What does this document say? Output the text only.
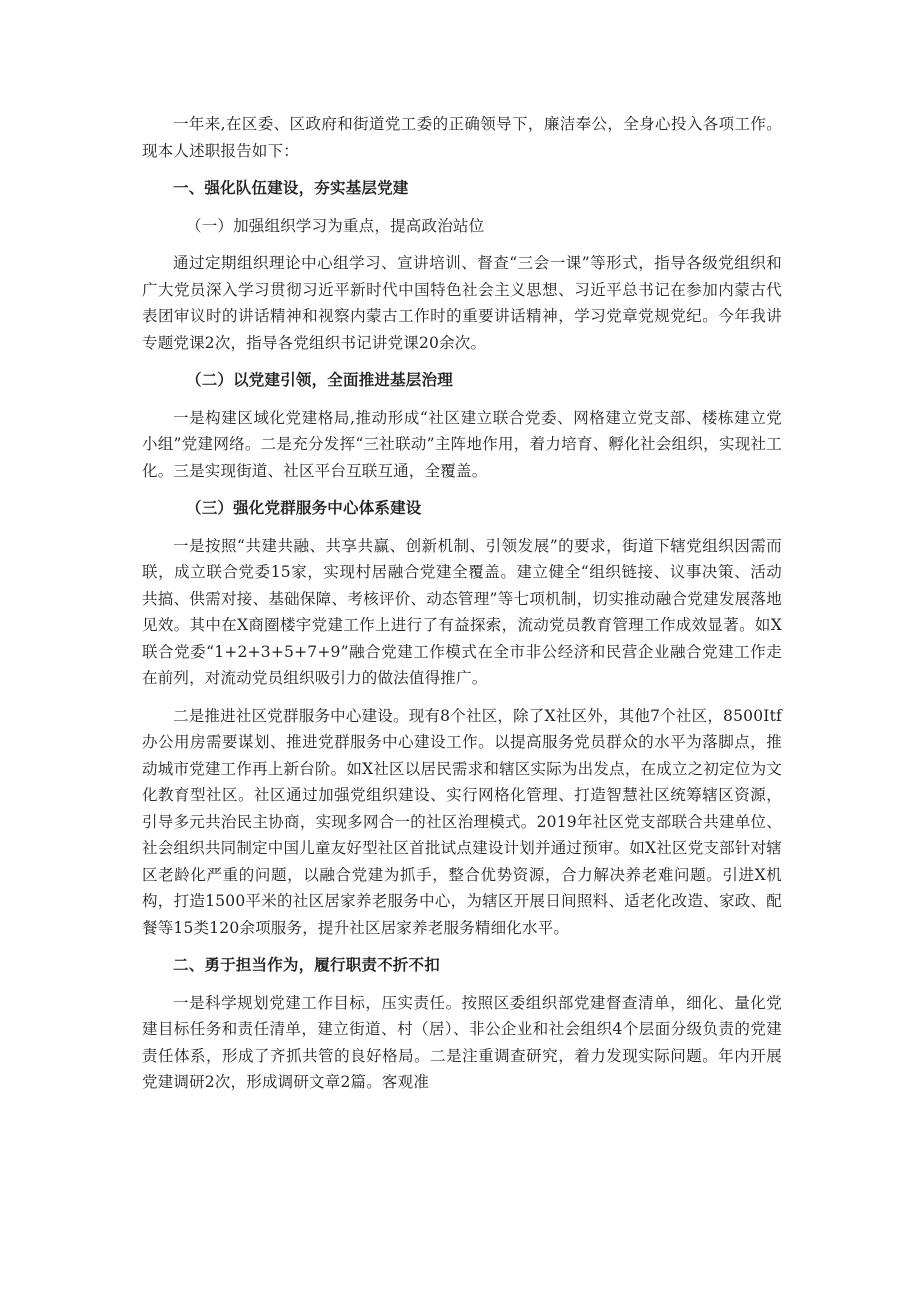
一年来,在区委、区政府和街道党工委的正确领导下，廉洁奉公，全身心投入各项工作。现本人述职报告如下：

一、强化队伍建设，夯实基层党建
（一）加强组织学习为重点，提高政治站位

通过定期组织理论中心组学习、宣讲培训、督查“三会一课”等形式，指导各级党组织和广大党员深入学习贯彻习近平新时代中国特色社会主义思想、习近平总书记在参加内蒙古代表团审议时的讲话精神和视察内蒙古工作时的重要讲话精神，学习党章党规党纪。今年我讲专题党课2次，指导各党组织书记讲党课20余次。

（二）以党建引领，全面推进基层治理

一是构建区域化党建格局,推动形成“社区建立联合党委、网格建立党支部、楼栋建立党小组”党建网络。二是充分发挥“三社联动”主阵地作用，着力培育、孵化社会组织，实现社工化。三是实现街道、社区平台互联互通，全覆盖。

（三）强化党群服务中心体系建设

一是按照“共建共融、共享共赢、创新机制、引领发展”的要求，街道下辖党组织因需而联，成立联合党委15家，实现村居融合党建全覆盖。建立健全“组织链接、议事决策、活动共搞、供需对接、基础保障、考核评价、动态管理”等七项机制，切实推动融合党建发展落地见效。其中在X商圈楼宇党建工作上进行了有益探索，流动党员教育管理工作成效显著。如X联合党委“1+2+3+5+7+9”融合党建工作模式在全市非公经济和民营企业融合党建工作走在前列，对流动党员组织吸引力的做法值得推广。

二是推进社区党群服务中心建设。现有8个社区，除了X社区外，其他7个社区，8500Itf办公用房需要谋划、推进党群服务中心建设工作。以提高服务党员群众的水平为落脚点，推动城市党建工作再上新台阶。如X社区以居民需求和辖区实际为出发点，在成立之初定位为文化教育型社区。社区通过加强党组织建设、实行网格化管理、打造智慧社区统筹辖区资源，引导多元共治民主协商，实现多网合一的社区治理模式。2019年社区党支部联合共建单位、社会组织共同制定中国儿童友好型社区首批试点建设计划并通过预审。如X社区党支部针对辖区老龄化严重的问题，以融合党建为抓手，整合优势资源，合力解决养老难问题。引进X机构，打造1500平米的社区居家养老服务中心，为辖区开展日间照料、适老化改造、家政、配餐等15类120余项服务，提升社区居家养老服务精细化水平。

二、勇于担当作为，履行职责不折不扣

一是科学规划党建工作目标，压实责任。按照区委组织部党建督查清单，细化、量化党建目标任务和责任清单，建立街道、村（居）、非公企业和社会组织4个层面分级负责的党建责任体系，形成了齐抓共管的良好格局。二是注重调查研究，着力发现实际问题。年内开展党建调研2次，形成调研文章2篇。客观准
